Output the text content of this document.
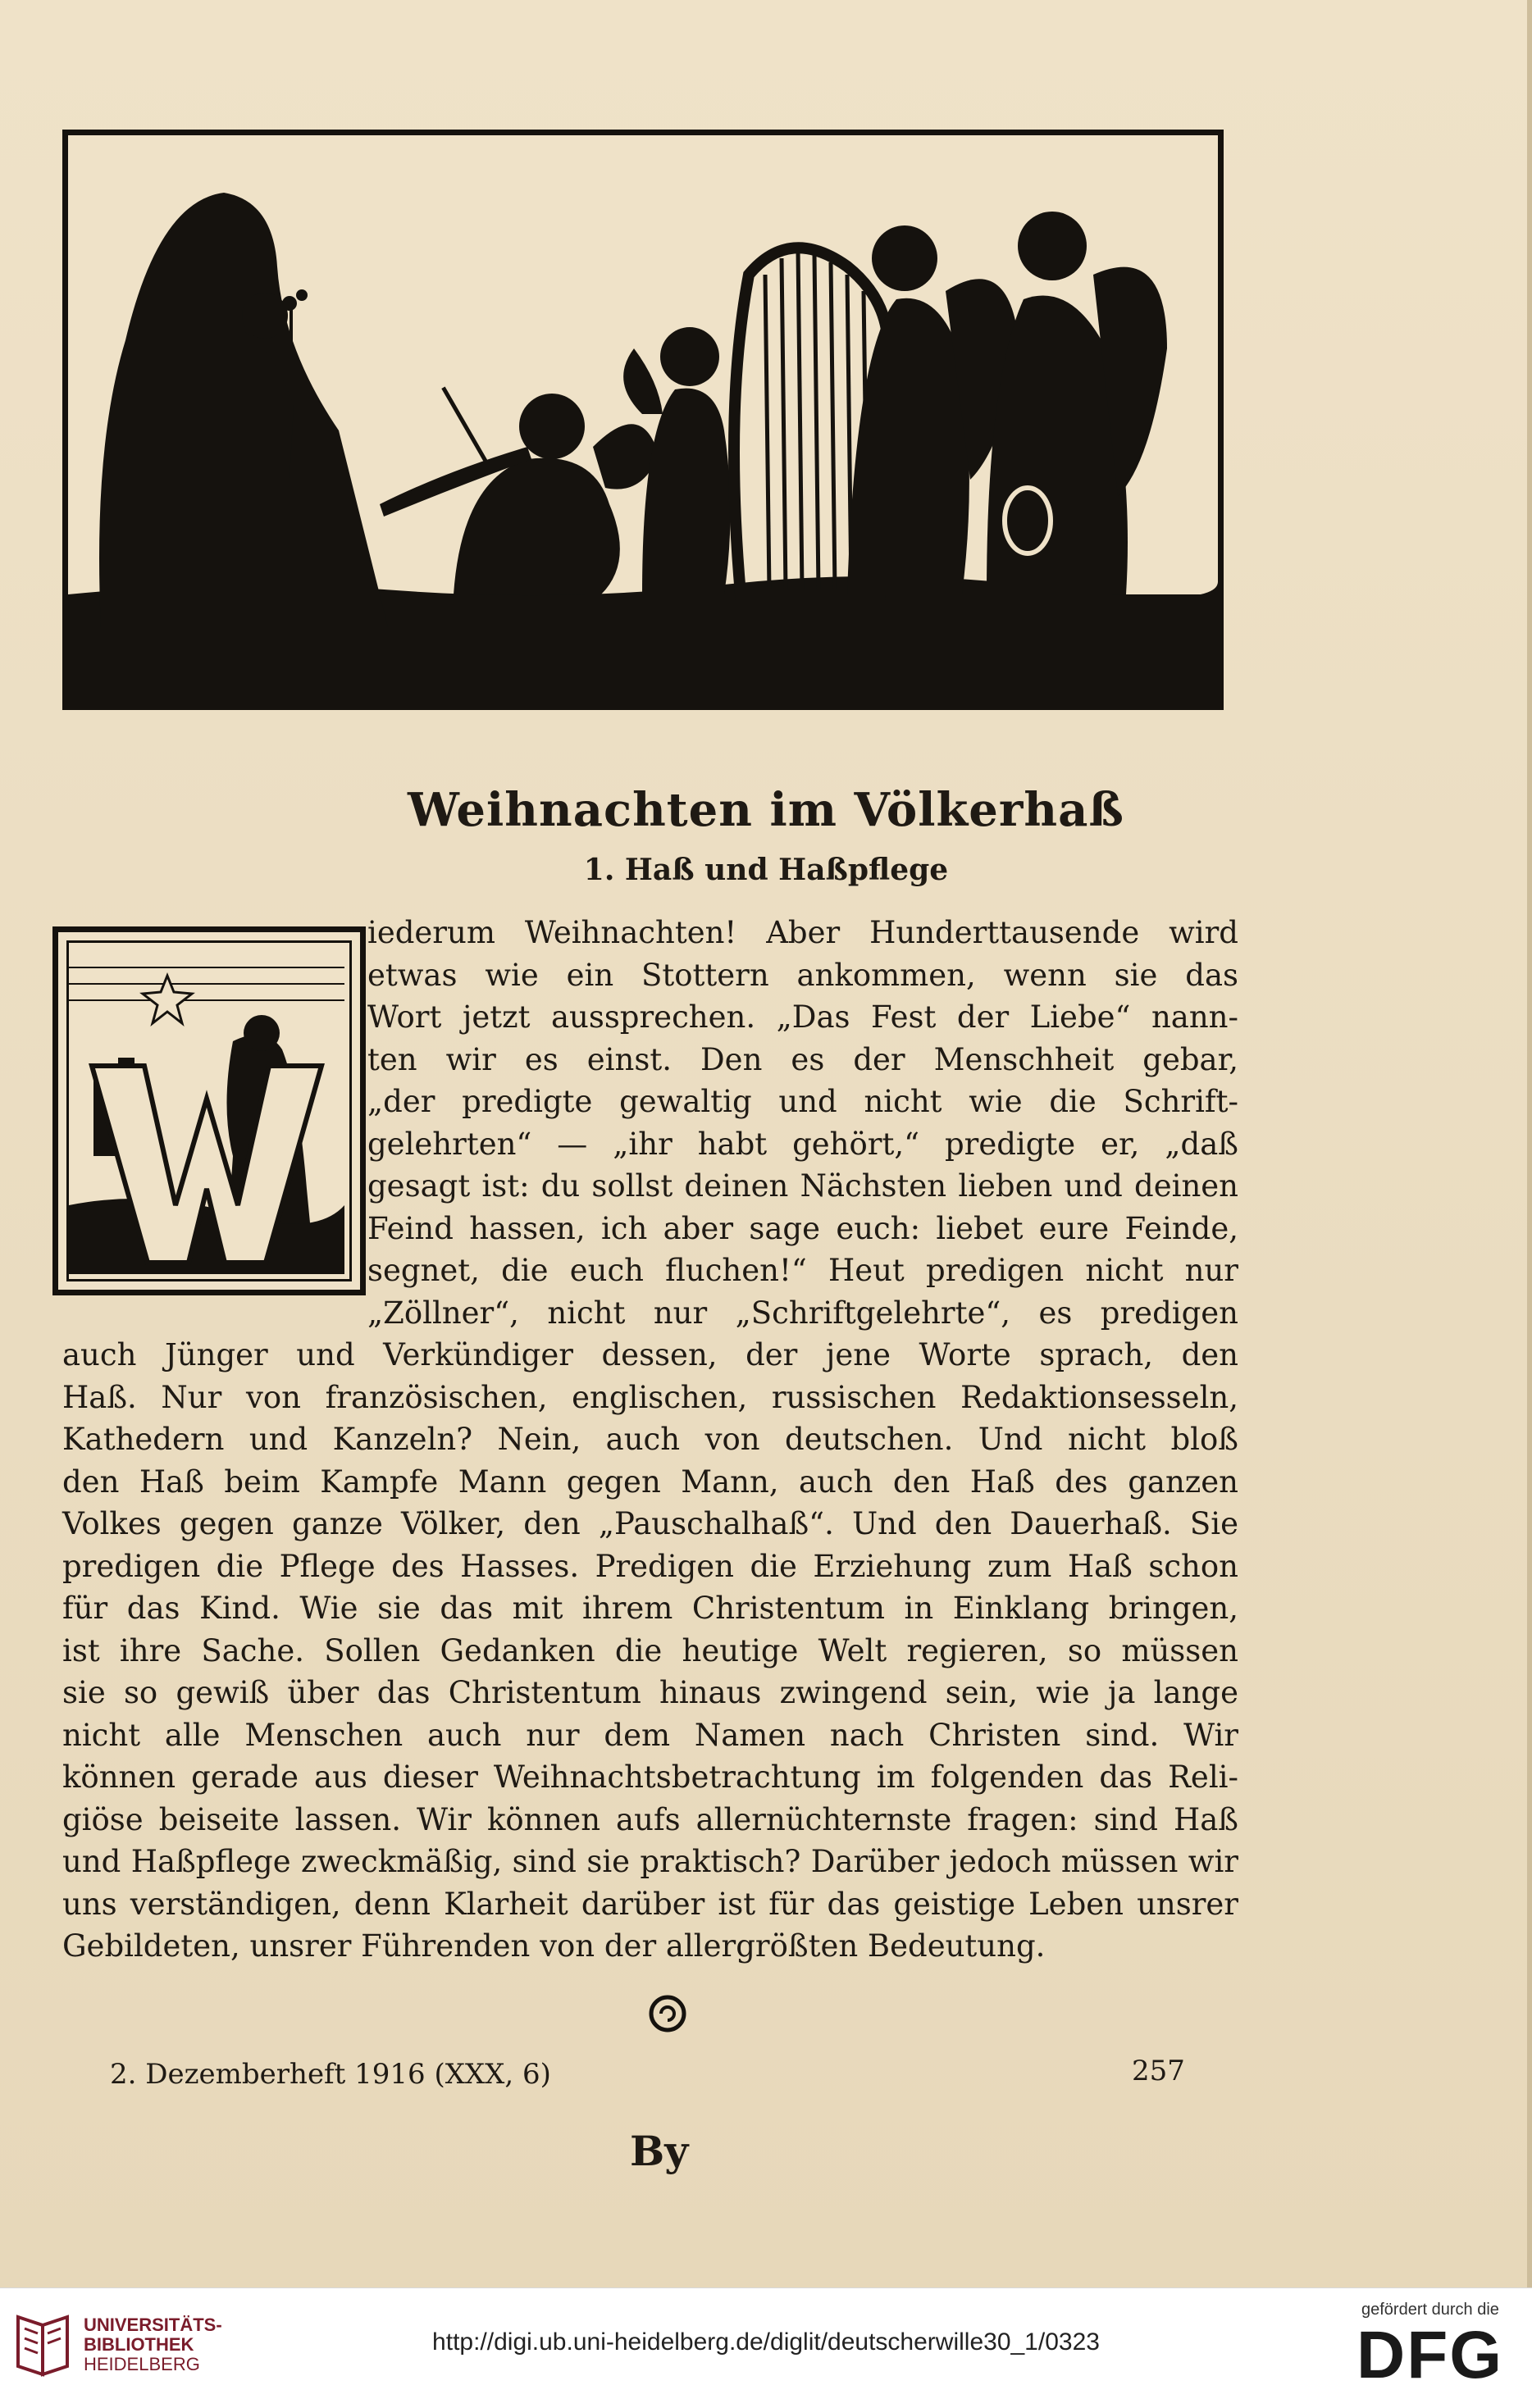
Weihnachten im Völkerhaß
1. Haß und Haßpflege
iederum Weihnachten! Aber Hunderttausende wird
etwas wie ein Stottern ankommen, wenn sie das
Wort jetzt aussprechen. „Das Fest der Liebe“ nann-
ten wir es einst. Den es der Menschheit gebar,
„der predigte gewaltig und nicht wie die Schrift-
gelehrten“ — „ihr habt gehört,“ predigte er, „daß
gesagt ist: du sollst deinen Nächsten lieben und deinen
Feind hassen, ich aber sage euch: liebet eure Feinde,
segnet, die euch fluchen!“ Heut predigen nicht nur
„Zöllner“, nicht nur „Schriftgelehrte“, es predigen
auch Jünger und Verkündiger dessen, der jene Worte sprach, den
Haß. Nur von französischen, englischen, russischen Redaktionsesseln,
Kathedern und Kanzeln? Nein, auch von deutschen. Und nicht bloß
den Haß beim Kampfe Mann gegen Mann, auch den Haß des ganzen
Volkes gegen ganze Völker, den „Pauschalhaß“. Und den Dauerhaß. Sie
predigen die Pflege des Hasses. Predigen die Erziehung zum Haß schon
für das Kind. Wie sie das mit ihrem Christentum in Einklang bringen,
ist ihre Sache. Sollen Gedanken die heutige Welt regieren, so müssen
sie so gewiß über das Christentum hinaus zwingend sein, wie ja lange
nicht alle Menschen auch nur dem Namen nach Christen sind. Wir
können gerade aus dieser Weihnachtsbetrachtung im folgenden das Reli-
giöse beiseite lassen. Wir können aufs allernüchternste fragen: sind Haß
und Haßpflege zweckmäßig, sind sie praktisch? Darüber jedoch müssen wir
uns verständigen, denn Klarheit darüber ist für das geistige Leben unsrer
Gebildeten, unsrer Führenden von der allergrößten Bedeutung.
2. Dezemberheft 1916 (XXX, 6)	257
By
UNIVERSITÄTS-
BIBLIOTHEK
HEIDELBERG
http://digi.ub.uni-heidelberg.de/diglit/deutscherwille30_1/0323
gefördert durch die
DFG
